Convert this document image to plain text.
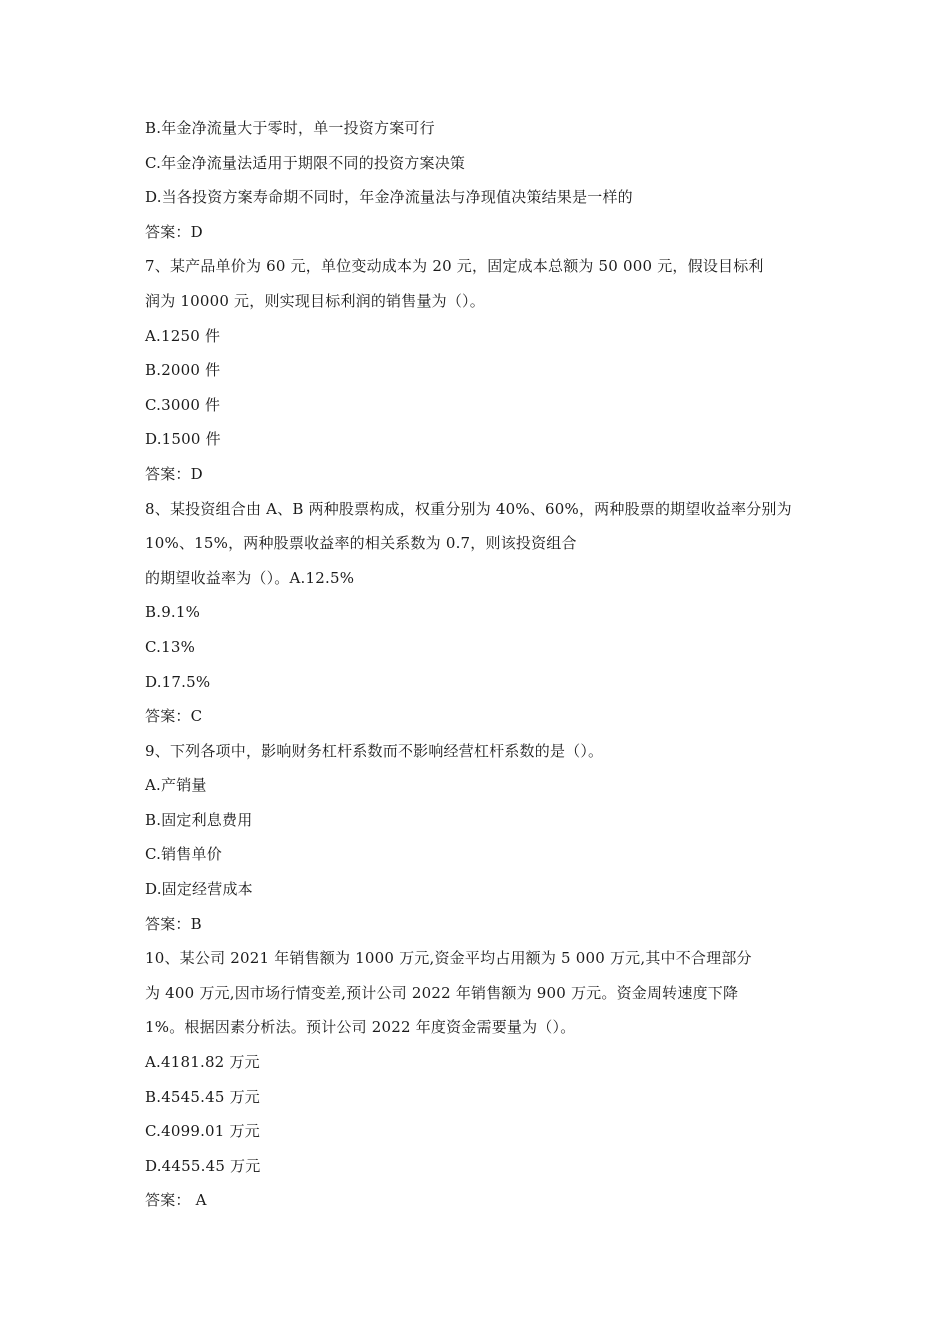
B.年金净流量大于零时，单一投资方案可行
C.年金净流量法适用于期限不同的投资方案决策
D.当各投资方案寿命期不同时，年金净流量法与净现值决策结果是一样的
答案：D
7、某产品单价为 60 元，单位变动成本为 20 元，固定成本总额为 50 000 元，假设目标利
润为 10000 元，则实现目标利润的销售量为（）。
A.1250 件
B.2000 件
C.3000 件
D.1500 件
答案：D
8、某投资组合由 A、B 两种股票构成，权重分别为 40%、60%，两种股票的期望收益率分别为
10%、15%，两种股票收益率的相关系数为 0.7，则该投资组合
的期望收益率为（）。A.12.5%
B.9.1%
C.13%
D.17.5%
答案：C
9、下列各项中，影响财务杠杆系数而不影响经营杠杆系数的是（）。
A.产销量
B.固定利息费用
C.销售单价
D.固定经营成本
答案：B
10、某公司 2021 年销售额为 1000 万元,资金平均占用额为 5 000 万元,其中不合理部分
为 400 万元,因市场行情变差,预计公司 2022 年销售额为 900 万元。资金周转速度下降
1%。根据因素分析法。预计公司 2022 年度资金需要量为（）。
A.4181.82 万元
B.4545.45 万元
C.4099.01 万元
D.4455.45 万元
答案： A
